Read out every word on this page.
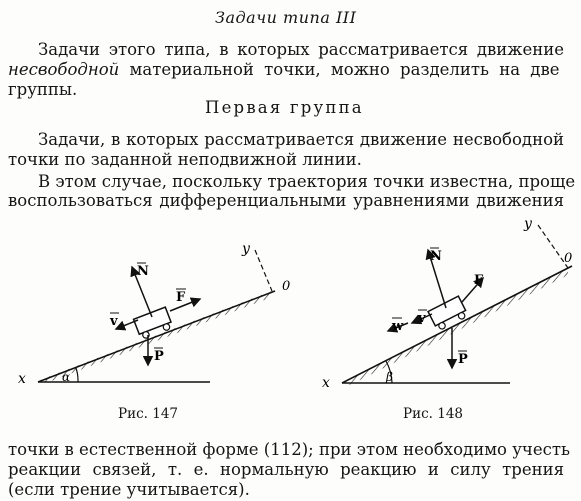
Задачи типа III
Задачи этого типа, в которых рассматривается движение
несвободной материальной точки, можно разделить на две
группы.
Первая группа
Задачи, в которых рассматривается движение несвободной
точки по заданной неподвижной линии.
В этом случае, поскольку траектория точки известна, проще
воспользоваться дифференциальными уравнениями движения
α
x
y
0
N
F
v
P
Рис. 147
β
x
y
0
N
F
v
w
P
Рис. 148
точки в естественной форме (112); при этом необходимо учесть
реакции связей, т. е. нормальную реакцию и силу трения
(если трение учитывается).
